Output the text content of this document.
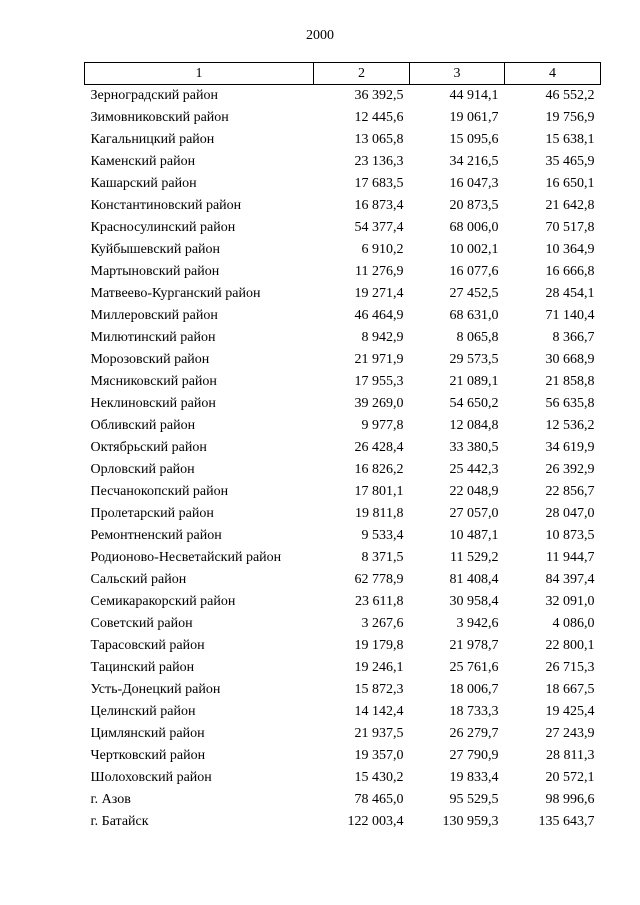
2000
1	2	3	4
Зерноградский район	36 392,5	44 914,1	46 552,2
Зимовниковский район	12 445,6	19 061,7	19 756,9
Кагальницкий район	13 065,8	15 095,6	15 638,1
Каменский район	23 136,3	34 216,5	35 465,9
Кашарский район	17 683,5	16 047,3	16 650,1
Константиновский район	16 873,4	20 873,5	21 642,8
Красносулинский район	54 377,4	68 006,0	70 517,8
Куйбышевский район	6 910,2	10 002,1	10 364,9
Мартыновский район	11 276,9	16 077,6	16 666,8
Матвеево-Курганский район	19 271,4	27 452,5	28 454,1
Миллеровский район	46 464,9	68 631,0	71 140,4
Милютинский район	8 942,9	8 065,8	8 366,7
Морозовский район	21 971,9	29 573,5	30 668,9
Мясниковский район	17 955,3	21 089,1	21 858,8
Неклиновский район	39 269,0	54 650,2	56 635,8
Обливский район	9 977,8	12 084,8	12 536,2
Октябрьский район	26 428,4	33 380,5	34 619,9
Орловский район	16 826,2	25 442,3	26 392,9
Песчанокопский район	17 801,1	22 048,9	22 856,7
Пролетарский район	19 811,8	27 057,0	28 047,0
Ремонтненский район	9 533,4	10 487,1	10 873,5
Родионово-Несветайский район	8 371,5	11 529,2	11 944,7
Сальский район	62 778,9	81 408,4	84 397,4
Семикаракорский район	23 611,8	30 958,4	32 091,0
Советский район	3 267,6	3 942,6	4 086,0
Тарасовский район	19 179,8	21 978,7	22 800,1
Тацинский район	19 246,1	25 761,6	26 715,3
Усть-Донецкий район	15 872,3	18 006,7	18 667,5
Целинский район	14 142,4	18 733,3	19 425,4
Цимлянский район	21 937,5	26 279,7	27 243,9
Чертковский район	19 357,0	27 790,9	28 811,3
Шолоховский район	15 430,2	19 833,4	20 572,1
г. Азов	78 465,0	95 529,5	98 996,6
г. Батайск	122 003,4	130 959,3	135 643,7
